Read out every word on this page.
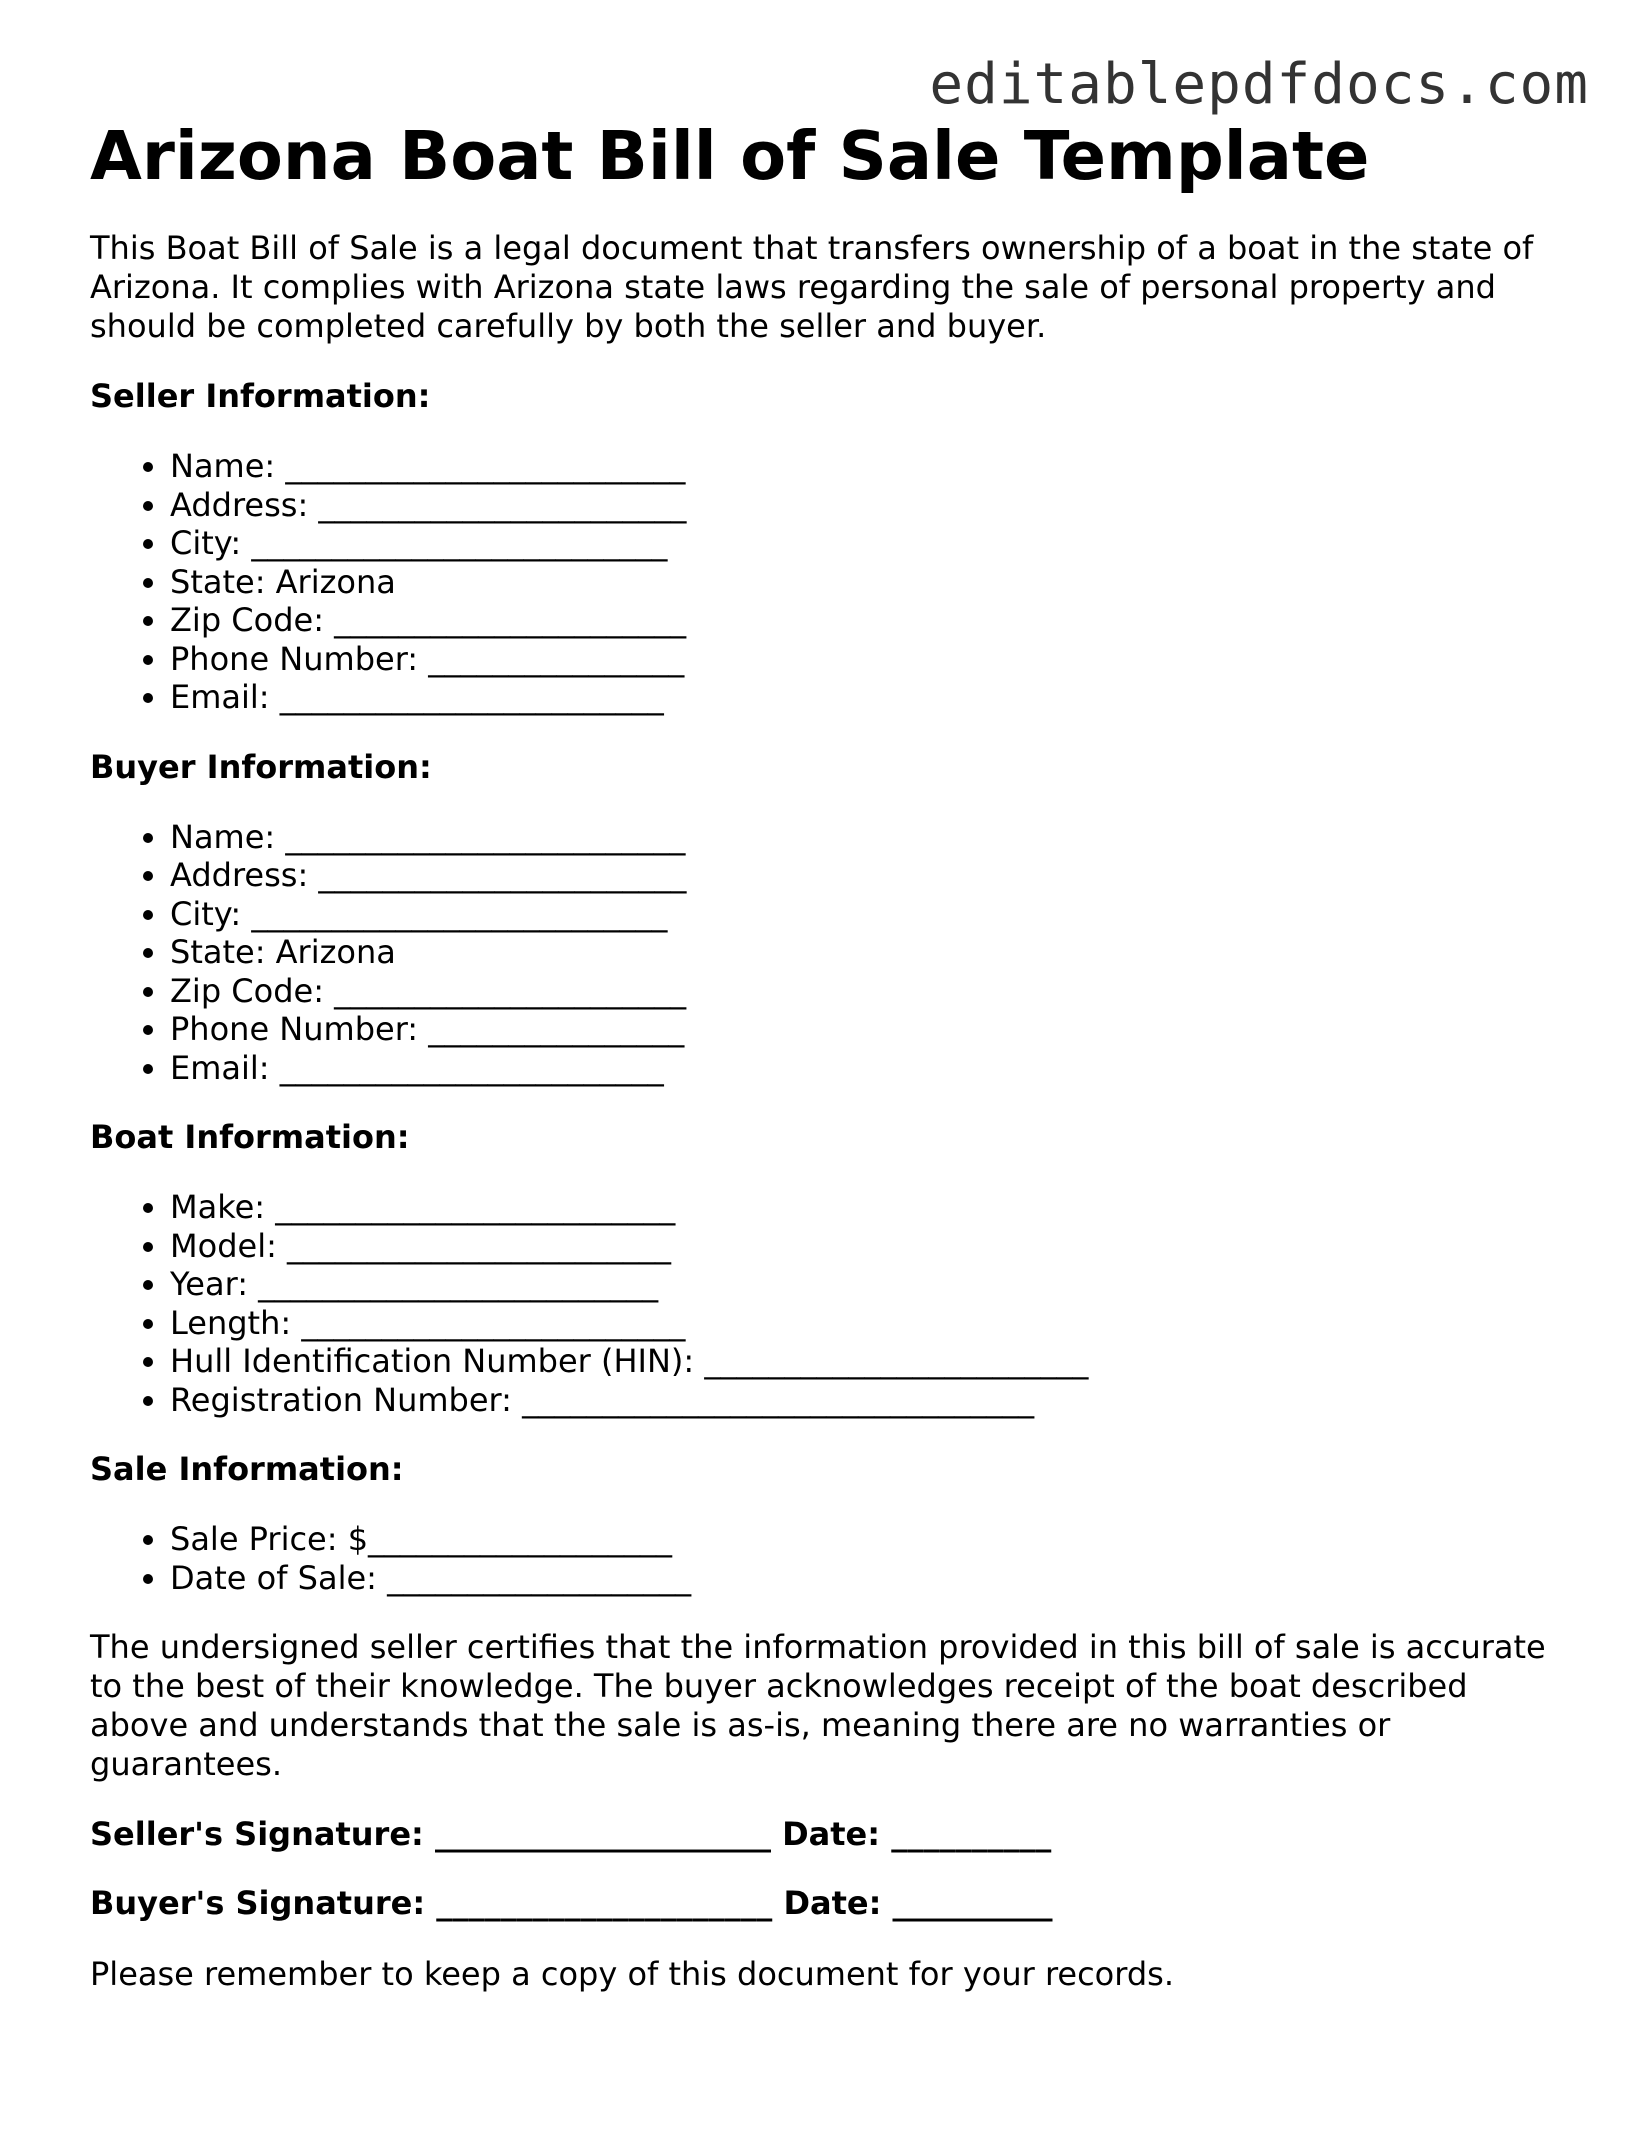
editablepdfdocs.com
Arizona Boat Bill of Sale Template

This Boat Bill of Sale is a legal document that transfers ownership of a boat in the state of Arizona. It complies with Arizona state laws regarding the sale of personal property and should be completed carefully by both the seller and buyer.

Seller Information:
• Name: _________________________
• Address: _______________________
• City: __________________________
• State: Arizona
• Zip Code: ______________________
• Phone Number: ________________
• Email: ________________________
Buyer Information:
• Name: _________________________
• Address: _______________________
• City: __________________________
• State: Arizona
• Zip Code: ______________________
• Phone Number: ________________
• Email: ________________________
Boat Information:
• Make: _________________________
• Model: ________________________
• Year: _________________________
• Length: ________________________
• Hull Identification Number (HIN): ________________________
• Registration Number: ________________________________
Sale Information:
• Sale Price: $___________________
• Date of Sale: ___________________

The undersigned seller certifies that the information provided in this bill of sale is accurate to the best of their knowledge. The buyer acknowledges receipt of the boat described above and understands that the sale is as-is, meaning there are no warranties or guarantees.

Seller's Signature: _____________________ Date: __________
Buyer's Signature: _____________________ Date: __________

Please remember to keep a copy of this document for your records.
